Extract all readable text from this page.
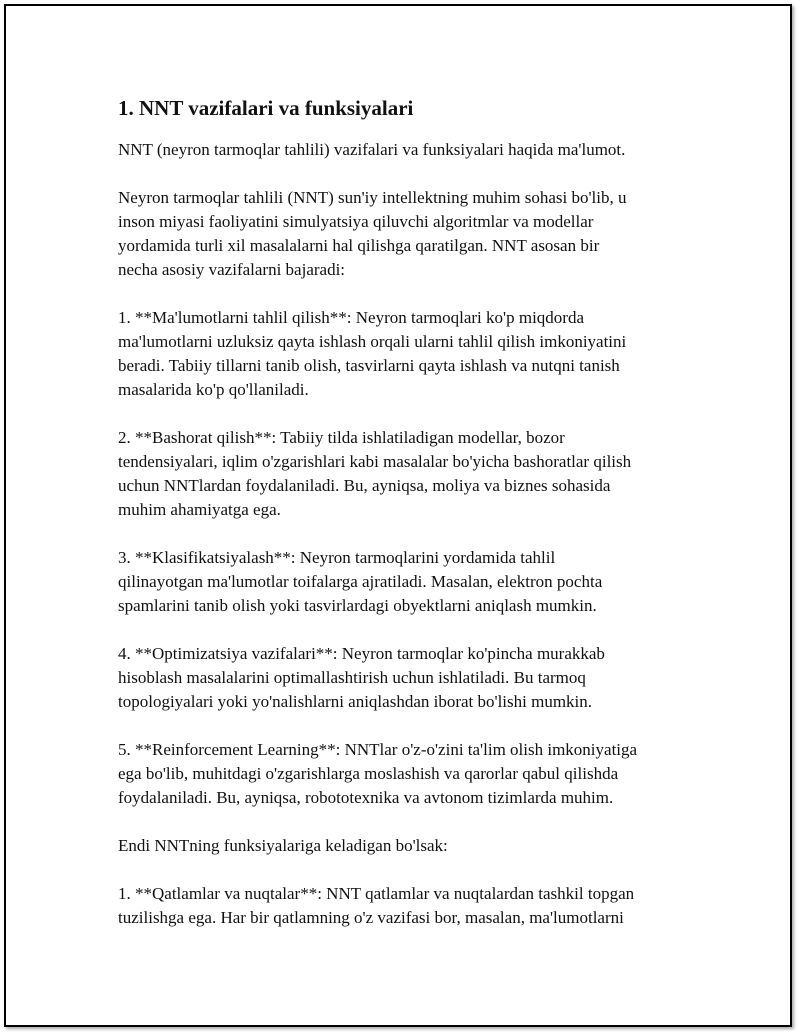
1. NNT vazifalari va funksiyalari

NNT (neyron tarmoqlar tahlili) vazifalari va funksiyalari haqida ma'lumot.

Neyron tarmoqlar tahlili (NNT) sun'iy intellektning muhim sohasi bo'lib, u
inson miyasi faoliyatini simulyatsiya qiluvchi algoritmlar va modellar
yordamida turli xil masalalarni hal qilishga qaratilgan. NNT asosan bir
necha asosiy vazifalarni bajaradi:

1. **Ma'lumotlarni tahlil qilish**: Neyron tarmoqlari ko'p miqdorda
ma'lumotlarni uzluksiz qayta ishlash orqali ularni tahlil qilish imkoniyatini
beradi. Tabiiy tillarni tanib olish, tasvirlarni qayta ishlash va nutqni tanish
masalarida ko'p qo'llaniladi.

2. **Bashorat qilish**: Tabiiy tilda ishlatiladigan modellar, bozor
tendensiyalari, iqlim o'zgarishlari kabi masalalar bo'yicha bashoratlar qilish
uchun NNTlardan foydalaniladi. Bu, ayniqsa, moliya va biznes sohasida
muhim ahamiyatga ega.

3. **Klasifikatsiyalash**: Neyron tarmoqlarini yordamida tahlil
qilinayotgan ma'lumotlar toifalarga ajratiladi. Masalan, elektron pochta
spamlarini tanib olish yoki tasvirlardagi obyektlarni aniqlash mumkin.

4. **Optimizatsiya vazifalari**: Neyron tarmoqlar ko'pincha murakkab
hisoblash masalalarini optimallashtirish uchun ishlatiladi. Bu tarmoq
topologiyalari yoki yo'nalishlarni aniqlashdan iborat bo'lishi mumkin.

5. **Reinforcement Learning**: NNTlar o'z-o'zini ta'lim olish imkoniyatiga
ega bo'lib, muhitdagi o'zgarishlarga moslashish va qarorlar qabul qilishda
foydalaniladi. Bu, ayniqsa, robototexnika va avtonom tizimlarda muhim.

Endi NNTning funksiyalariga keladigan bo'lsak:

1. **Qatlamlar va nuqtalar**: NNT qatlamlar va nuqtalardan tashkil topgan
tuzilishga ega. Har bir qatlamning o'z vazifasi bor, masalan, ma'lumotlarni
